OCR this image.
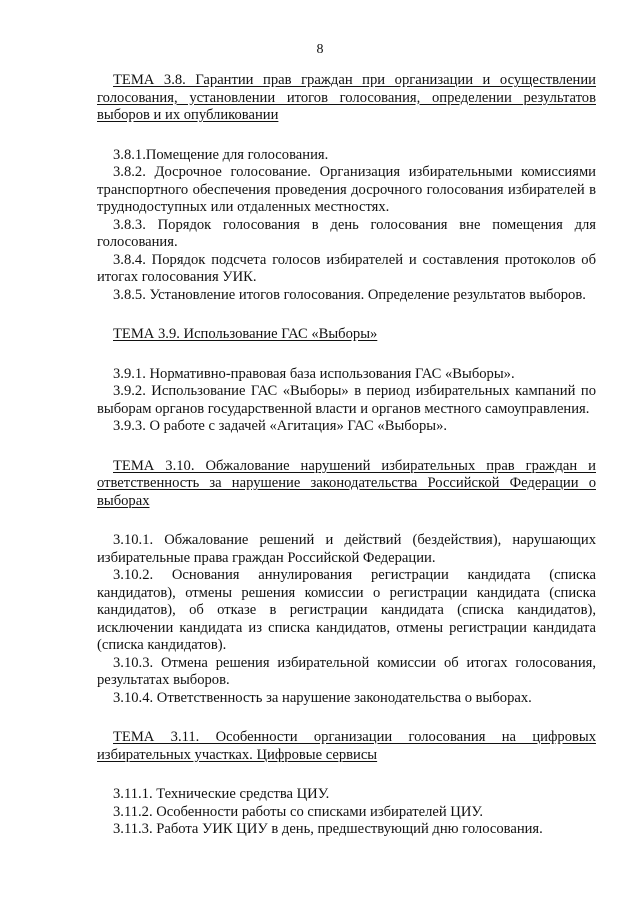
8

ТЕМА 3.8. Гарантии прав граждан при организации и осуществлении голосования, установлении итогов голосования, определении результатов выборов и их опубликовании

3.8.1.Помещение для голосования.

3.8.2. Досрочное голосование. Организация избирательными комиссиями транспортного обеспечения проведения досрочного голосования избирателей в труднодоступных или отдаленных местностях.

3.8.3. Порядок голосования в день голосования вне помещения для голосования.

3.8.4. Порядок подсчета голосов избирателей и составления протоколов об итогах голосования УИК.

3.8.5. Установление итогов голосования. Определение результатов выборов.

ТЕМА 3.9. Использование ГАС «Выборы»

3.9.1. Нормативно-правовая база использования ГАС «Выборы».

3.9.2. Использование ГАС «Выборы» в период избирательных кампаний по выборам органов государственной власти и органов местного самоуправления.

3.9.3. О работе с задачей «Агитация» ГАС «Выборы».

ТЕМА 3.10. Обжалование нарушений избирательных прав граждан и ответственность за нарушение законодательства Российской Федерации о выборах

3.10.1. Обжалование решений и действий (бездействия), нарушающих избирательные права граждан Российской Федерации.

3.10.2. Основания аннулирования регистрации кандидата (списка кандидатов), отмены решения комиссии о регистрации кандидата (списка кандидатов), об отказе в регистрации кандидата (списка кандидатов), исключении кандидата из списка кандидатов, отмены регистрации кандидата (списка кандидатов).

3.10.3. Отмена решения избирательной комиссии об итогах голосования, результатах выборов.

3.10.4. Ответственность за нарушение законодательства о выборах.

ТЕМА 3.11. Особенности организации голосования на цифровых избирательных участках. Цифровые сервисы

3.11.1. Технические средства ЦИУ.

3.11.2. Особенности работы со списками избирателей ЦИУ.

3.11.3. Работа УИК ЦИУ в день, предшествующий дню голосования.
